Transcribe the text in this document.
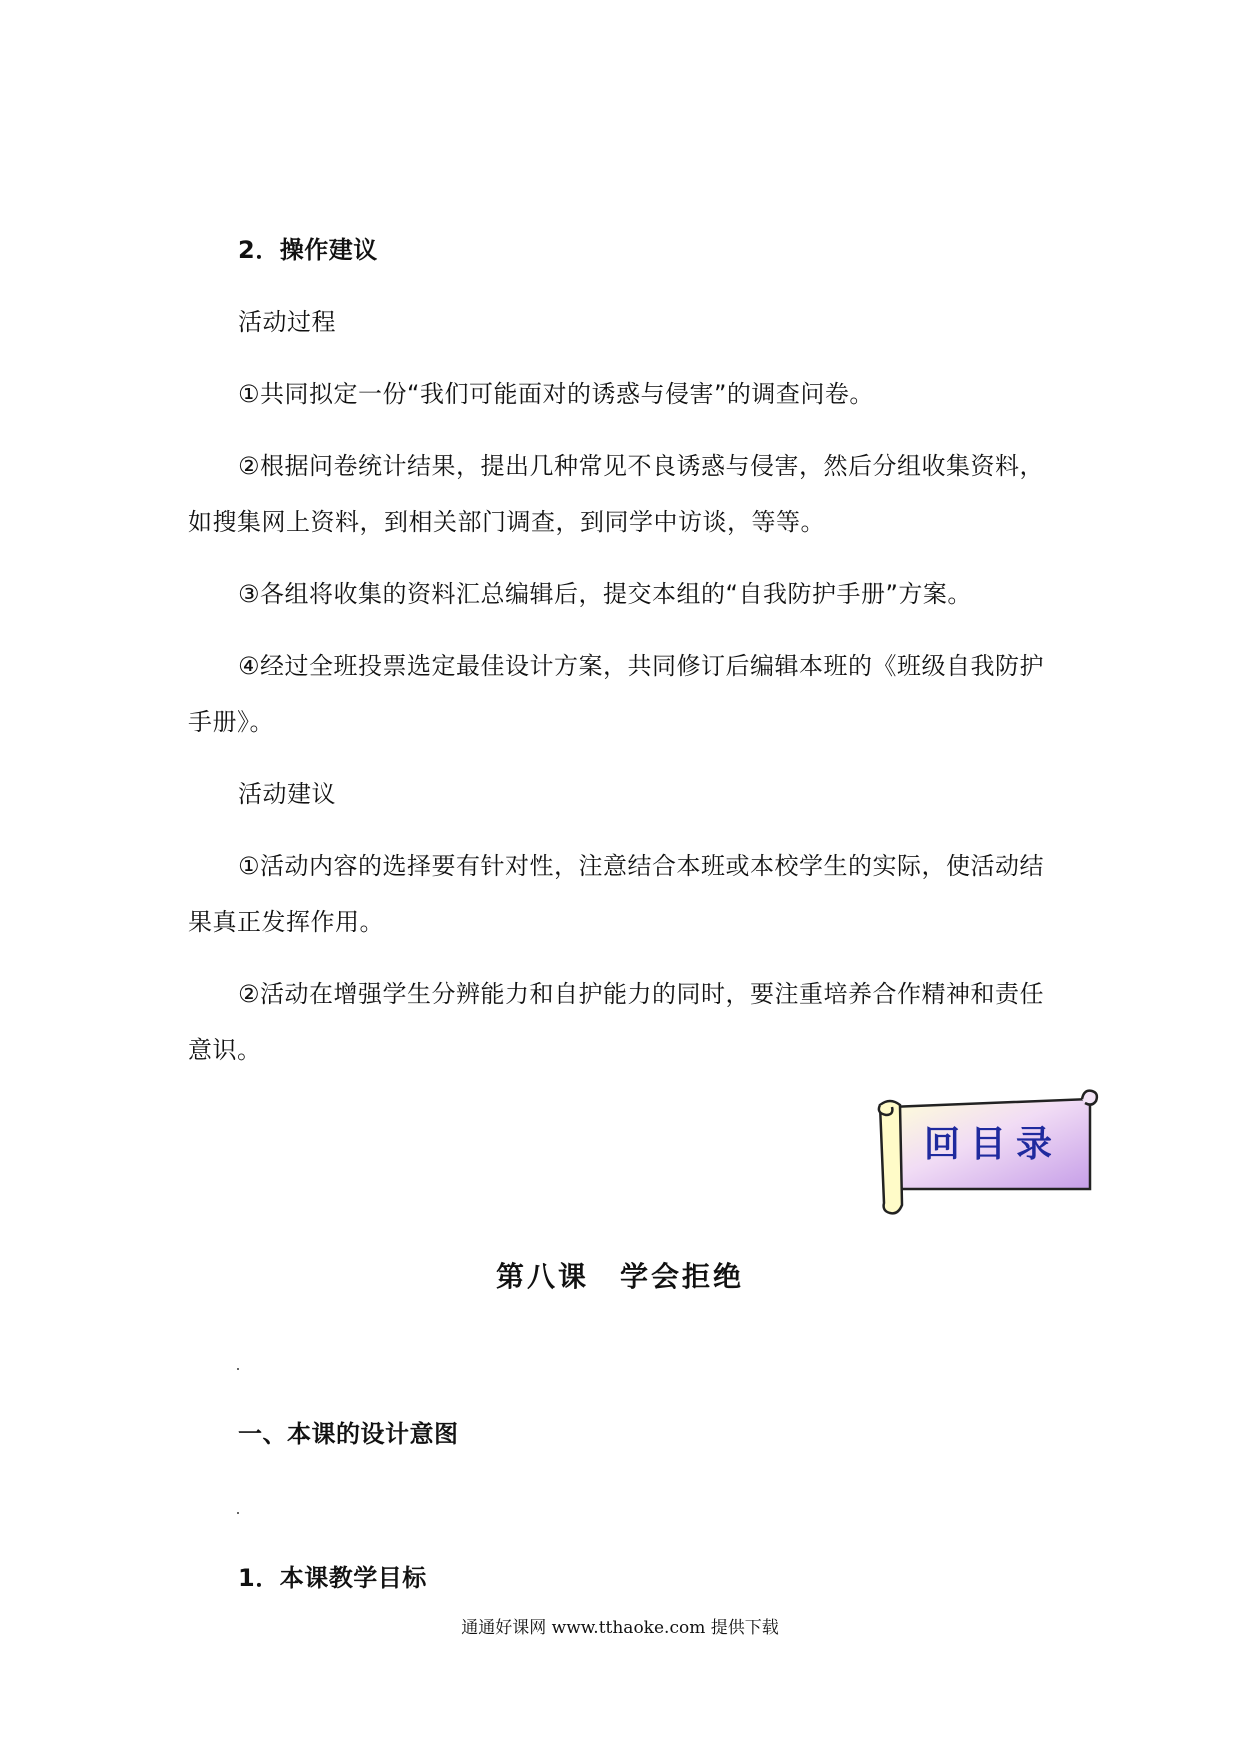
2．操作建议
活动过程
①共同拟定一份“我们可能面对的诱惑与侵害”的调查问卷。
②根据问卷统计结果，提出几种常见不良诱惑与侵害，然后分组收集资料，
如搜集网上资料，到相关部门调查，到同学中访谈，等等。
③各组将收集的资料汇总编辑后，提交本组的“自我防护手册”方案。
④经过全班投票选定最佳设计方案，共同修订后编辑本班的《班级自我防护
手册》。
活动建议
①活动内容的选择要有针对性，注意结合本班或本校学生的实际，使活动结
果真正发挥作用。
②活动在增强学生分辨能力和自护能力的同时，要注重培养合作精神和责任
意识。
回目录
第八课　学会拒绝
一、本课的设计意图
1．本课教学目标
通通好课网 www.tthaoke.com 提供下载
